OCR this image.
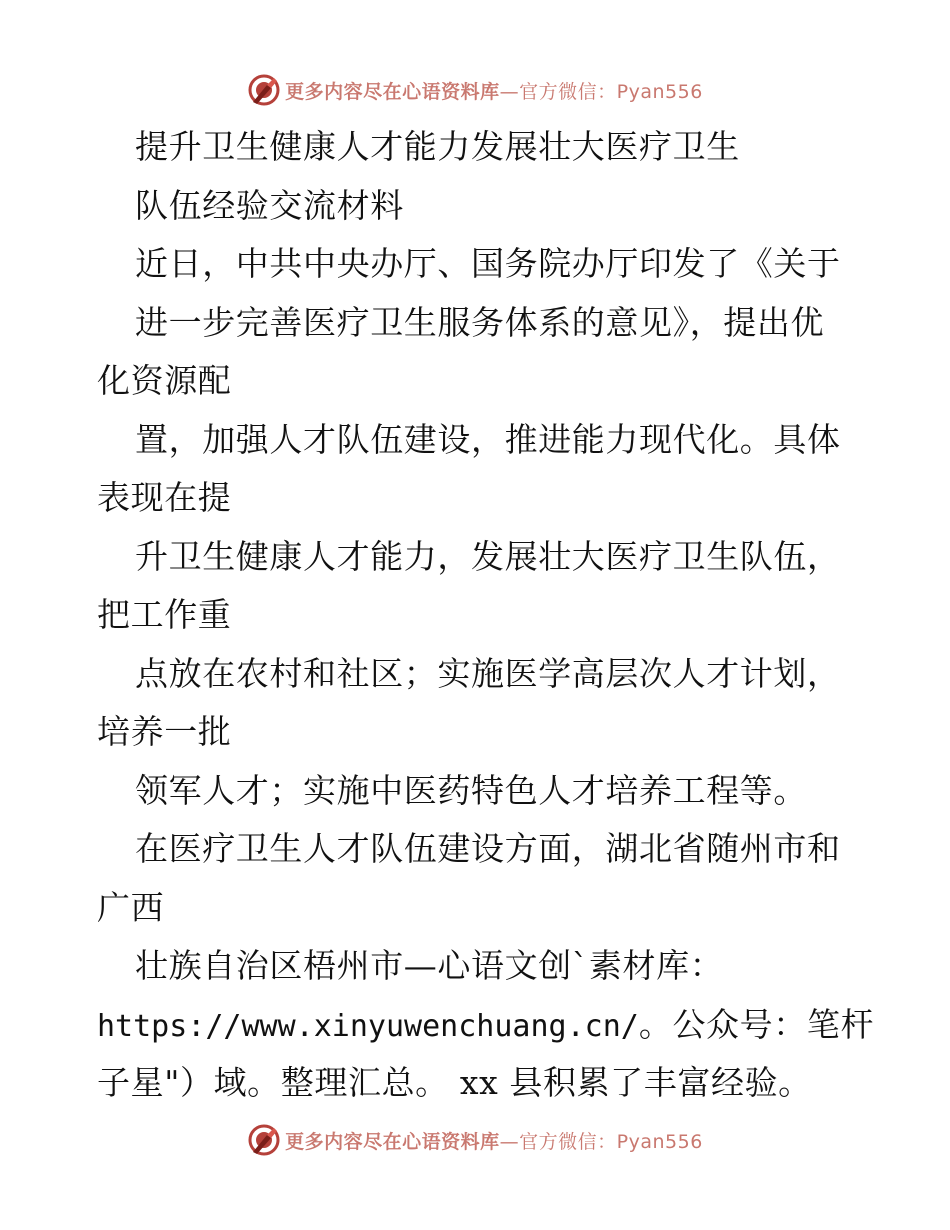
更多内容尽在心语资料库—官方微信：Pyan556
提升卫生健康人才能力发展壮大医疗卫生
队伍经验交流材料
近日，中共中央办厅、国务院办厅印发了《关于
进一步完善医疗卫生服务体系的意见》，提出优
化资源配
置，加强人才队伍建设，推进能力现代化。具体
表现在提
升卫生健康人才能力，发展壮大医疗卫生队伍，
把工作重
点放在农村和社区；实施医学高层次人才计划，
培养一批
领军人才；实施中医药特色人才培养工程等。
在医疗卫生人才队伍建设方面，湖北省随州市和
广西
壮族自治区梧州市—心语文创`素材库：
https://www.xinyuwenchuang.cn/。公众号：笔杆
子星"）域。整理汇总。 xx 县积累了丰富经验。
更多内容尽在心语资料库—官方微信：Pyan556
